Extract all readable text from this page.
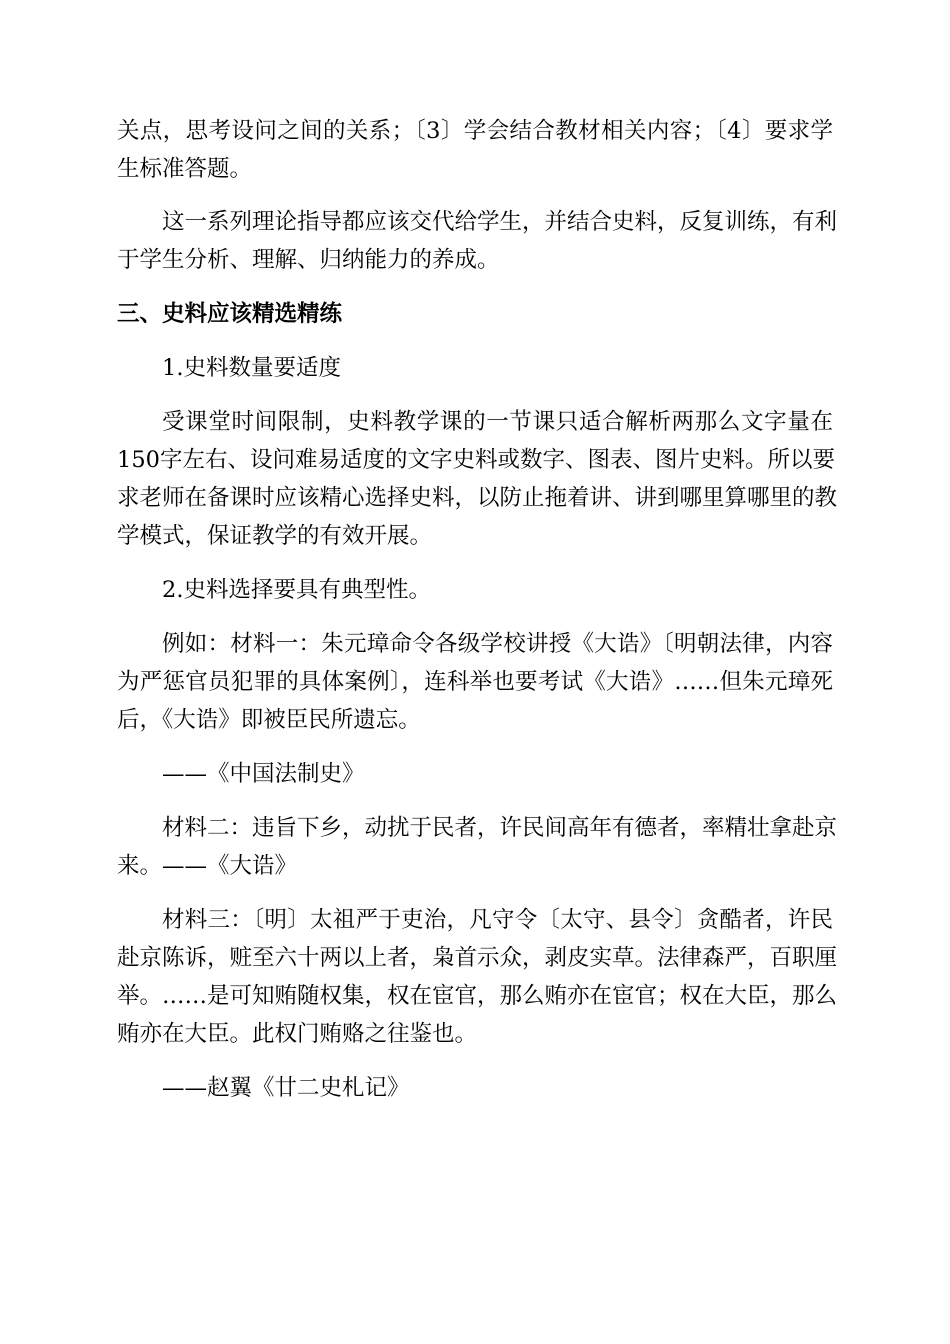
关点，思考设问之间的关系；〔3〕学会结合教材相关内容；〔4〕要求学
生标准答题。
这一系列理论指导都应该交代给学生，并结合史料，反复训练，有利
于学生分析、理解、归纳能力的养成。
三、史料应该精选精练
1.史料数量要适度
受课堂时间限制，史料教学课的一节课只适合解析两那么文字量在
150字左右、设问难易适度的文字史料或数字、图表、图片史料。所以要
求老师在备课时应该精心选择史料，以防止拖着讲、讲到哪里算哪里的教
学模式，保证教学的有效开展。
2.史料选择要具有典型性。
例如：材料一：朱元璋命令各级学校讲授《大诰》〔明朝法律，内容
为严惩官员犯罪的具体案例〕，连科举也要考试《大诰》……但朱元璋死
后，《大诰》即被臣民所遗忘。
——《中国法制史》
材料二：违旨下乡，动扰于民者，许民间高年有德者，率精壮拿赴京
来。——《大诰》
材料三：〔明〕太祖严于吏治，凡守令〔太守、县令〕贪酷者，许民
赴京陈诉，赃至六十两以上者，枭首示众，剥皮实草。法律森严，百职厘
举。……是可知贿随权集，权在宦官，那么贿亦在宦官；权在大臣，那么
贿亦在大臣。此权门贿赂之往鉴也。
——赵翼《廿二史札记》
